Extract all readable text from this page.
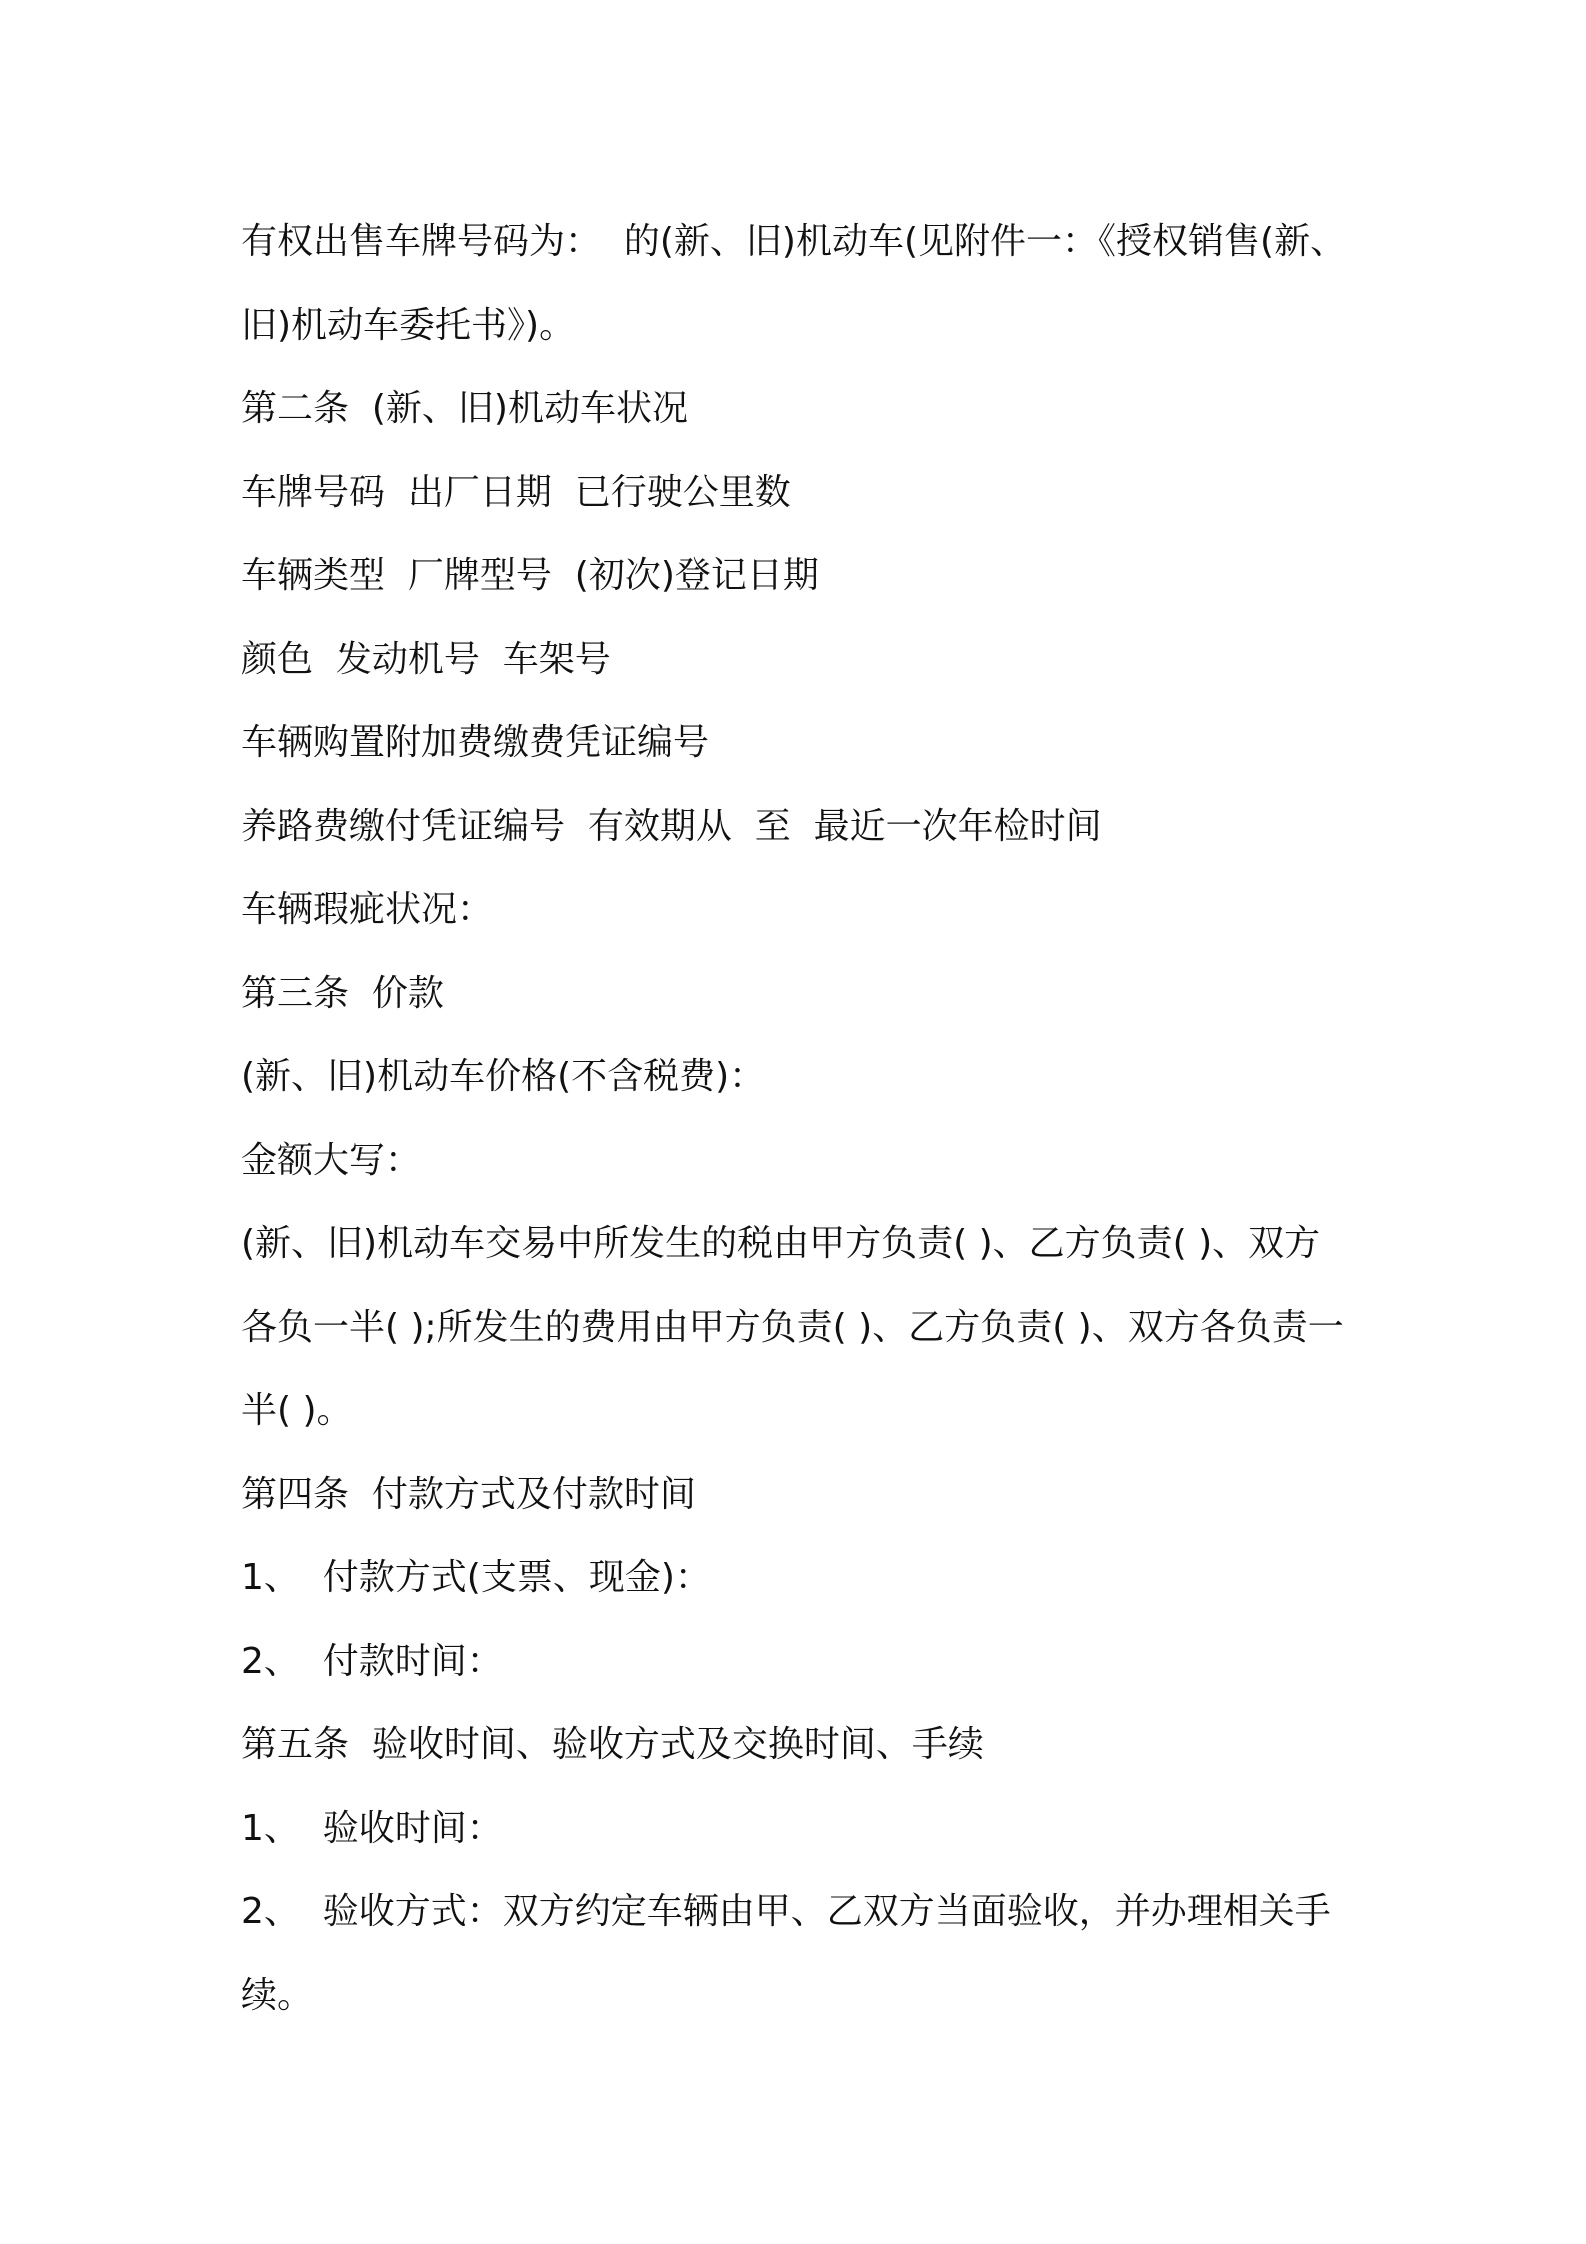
有权出售车牌号码为：  的(新、旧)机动车(见附件一：《授权销售(新、

旧)机动车委托书》)。

第二条  (新、旧)机动车状况

车牌号码  出厂日期  已行驶公里数

车辆类型  厂牌型号  (初次)登记日期

颜色  发动机号  车架号

车辆购置附加费缴费凭证编号

养路费缴付凭证编号  有效期从  至  最近一次年检时间

车辆瑕疵状况：

第三条  价款

(新、旧)机动车价格(不含税费)：

金额大写：

(新、旧)机动车交易中所发生的税由甲方负责( )、乙方负责( )、双方

各负一半( );所发生的费用由甲方负责( )、乙方负责( )、双方各负责一

半( )。

第四条  付款方式及付款时间

1、  付款方式(支票、现金)：

2、  付款时间：

第五条  验收时间、验收方式及交换时间、手续

1、  验收时间：

2、  验收方式：双方约定车辆由甲、乙双方当面验收，并办理相关手

续。
